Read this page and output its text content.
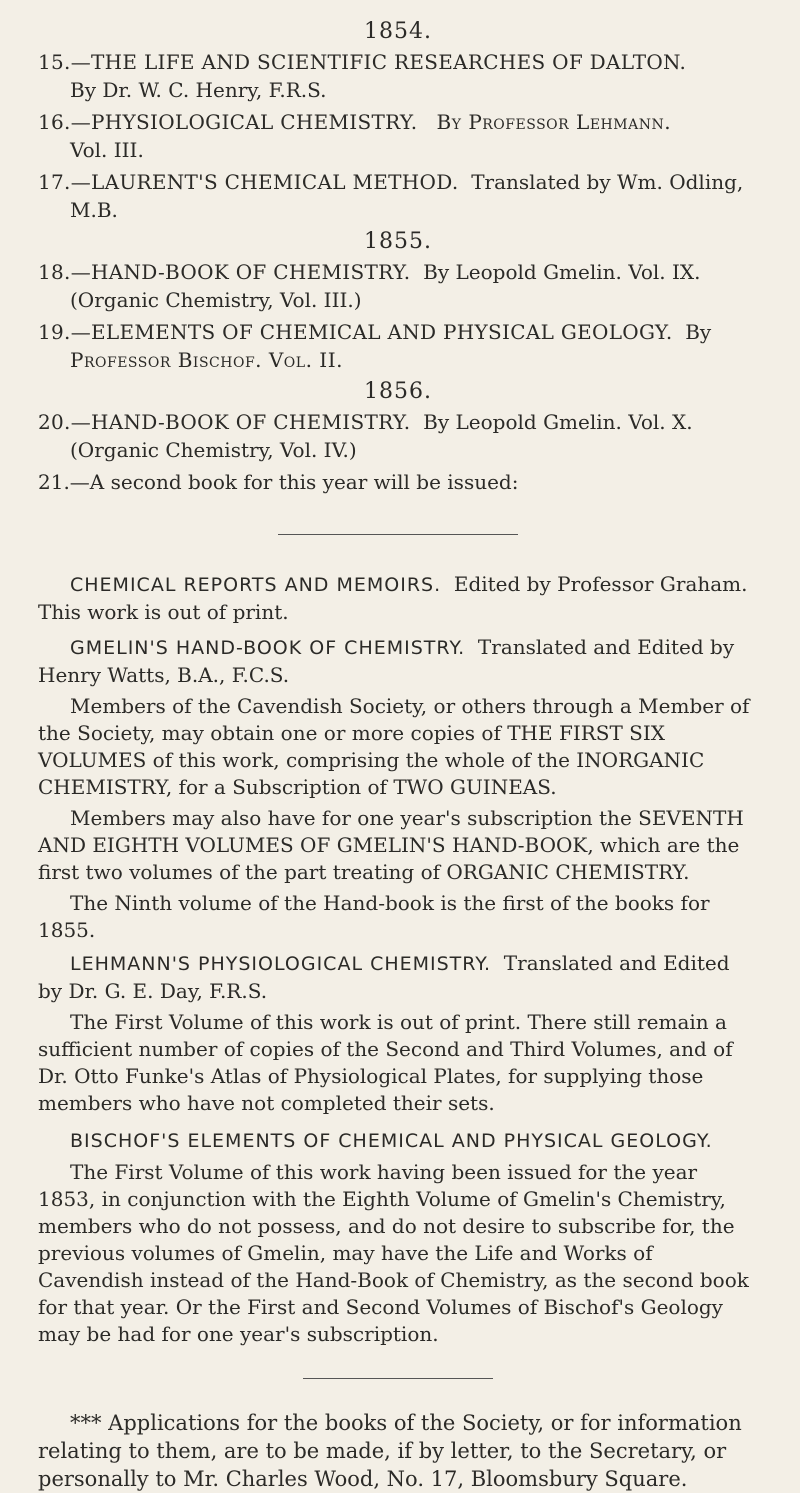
1854.
15.—THE LIFE AND SCIENTIFIC RESEARCHES OF DALTON.
By Dr. W. C. Henry, F.R.S.
16.—PHYSIOLOGICAL CHEMISTRY. By Professor Lehmann.
Vol. III.
17.—LAURENT'S CHEMICAL METHOD. Translated by Wm. Odling,
M.B.
1855.
18.—HAND-BOOK OF CHEMISTRY. By Leopold Gmelin. Vol. IX.
(Organic Chemistry, Vol. III.)
19.—ELEMENTS OF CHEMICAL AND PHYSICAL GEOLOGY. By
Professor Bischof. Vol. II.
1856.
20.—HAND-BOOK OF CHEMISTRY. By Leopold Gmelin. Vol. X.
(Organic Chemistry, Vol. IV.)
21.—A second book for this year will be issued:
CHEMICAL REPORTS AND MEMOIRS. Edited by Professor Graham. This work is out of print.
GMELIN'S HAND-BOOK OF CHEMISTRY. Translated and Edited by Henry Watts, B.A., F.C.S.
Members of the Cavendish Society, or others through a Member of the Society, may obtain one or more copies of THE FIRST SIX VOLUMES of this work, comprising the whole of the INORGANIC CHEMISTRY, for a Subscription of TWO GUINEAS.
Members may also have for one year's subscription the SEVENTH AND EIGHTH VOLUMES OF GMELIN'S HAND-BOOK, which are the first two volumes of the part treating of ORGANIC CHEMISTRY.
The Ninth volume of the Hand-book is the first of the books for 1855.
LEHMANN'S PHYSIOLOGICAL CHEMISTRY. Translated and Edited by Dr. G. E. Day, F.R.S.
The First Volume of this work is out of print. There still remain a sufficient number of copies of the Second and Third Volumes, and of Dr. Otto Funke's Atlas of Physiological Plates, for supplying those members who have not completed their sets.
BISCHOF'S ELEMENTS OF CHEMICAL AND PHYSICAL GEOLOGY.
The First Volume of this work having been issued for the year 1853, in conjunction with the Eighth Volume of Gmelin's Chemistry, members who do not possess, and do not desire to subscribe for, the previous volumes of Gmelin, may have the Life and Works of Cavendish instead of the Hand-Book of Chemistry, as the second book for that year. Or the First and Second Volumes of Bischof's Geology may be had for one year's subscription.
*** Applications for the books of the Society, or for information relating to them, are to be made, if by letter, to the Secretary, or personally to Mr. Charles Wood, No. 17, Bloomsbury Square.
